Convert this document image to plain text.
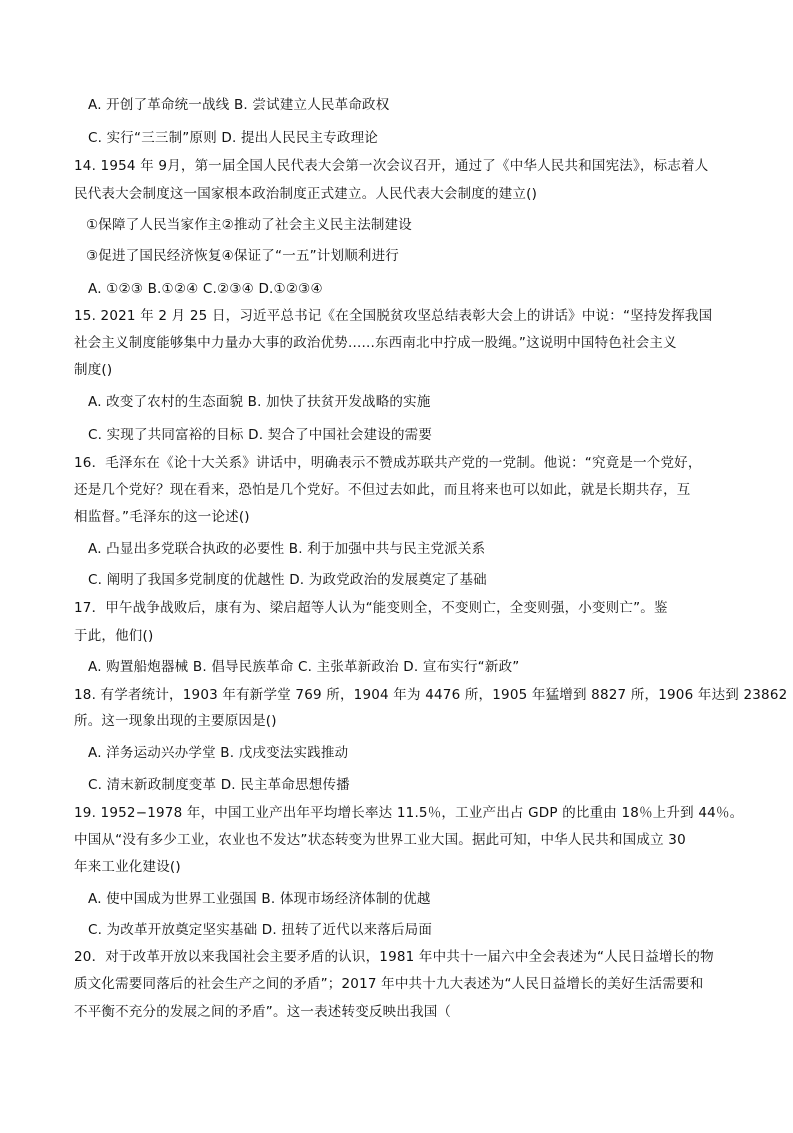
A. 开创了革命统一战线 B. 尝试建立人民革命政权
C. 实行“三三制”原则 D. 提出人民民主专政理论
14. 1954 年 9月，第一届全国人民代表大会第一次会议召开，通过了《中华人民共和国宪法》，标志着人
民代表大会制度这一国家根本政治制度正式建立。人民代表大会制度的建立()
①保障了人民当家作主②推动了社会主义民主法制建设
③促进了国民经济恢复④保证了“一五”计划顺利进行
A. ①②③ B.①②④ C.②③④ D.①②③④
15. 2021 年 2 月 25 日，习近平总书记《在全国脱贫攻坚总结表彰大会上的讲话》中说：“坚持发挥我国
社会主义制度能够集中力量办大事的政治优势......东西南北中拧成一股绳。”这说明中国特色社会主义
制度()
A. 改变了农村的生态面貌 B. 加快了扶贫开发战略的实施
C. 实现了共同富裕的目标 D. 契合了中国社会建设的需要
16．毛泽东在《论十大关系》讲话中，明确表示不赞成苏联共产党的一党制。他说：“究竟是一个党好，
还是几个党好？现在看来，恐怕是几个党好。不但过去如此，而且将来也可以如此，就是长期共存，互
相监督。”毛泽东的这一论述()
A. 凸显出多党联合执政的必要性 B. 利于加强中共与民主党派关系
C. 阐明了我国多党制度的优越性 D. 为政党政治的发展奠定了基础
17．甲午战争战败后，康有为、梁启超等人认为“能变则全，不变则亡，全变则强，小变则亡”。鉴
于此，他们()
A. 购置船炮器械 B. 倡导民族革命 C. 主张革新政治 D. 宣布实行“新政”
18. 有学者统计，1903 年有新学堂 769 所，1904 年为 4476 所，1905 年猛增到 8827 所，1906 年达到 23862
所。这一现象出现的主要原因是()
A. 洋务运动兴办学堂 B. 戊戌变法实践推动
C. 清末新政制度变革 D. 民主革命思想传播
19. 1952−1978 年，中国工业产出年平均增长率达 11.5％，工业产出占 GDP 的比重由 18％上升到 44％。
中国从“没有多少工业，农业也不发达”状态转变为世界工业大国。据此可知，中华人民共和国成立 30
年来工业化建设()
A. 使中国成为世界工业强国 B. 体现市场经济体制的优越
C. 为改革开放奠定坚实基础 D. 扭转了近代以来落后局面
20．对于改革开放以来我国社会主要矛盾的认识，1981 年中共十一届六中全会表述为“人民日益增长的物
质文化需要同落后的社会生产之间的矛盾”；2017 年中共十九大表述为“人民日益增长的美好生活需要和
不平衡不充分的发展之间的矛盾”。这一表述转变反映出我国（
